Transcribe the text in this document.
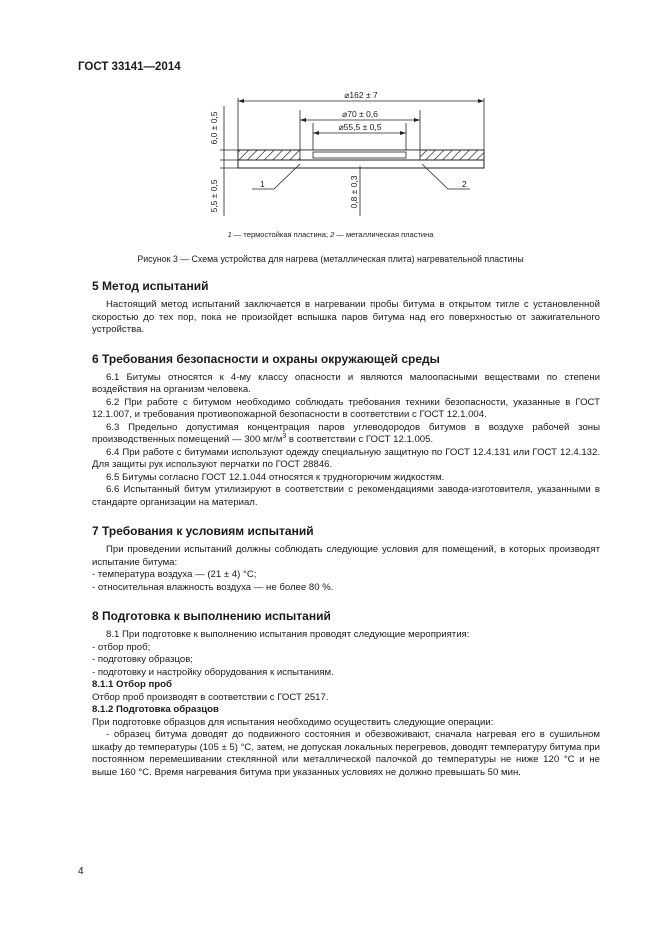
ГОСТ 33141—2014
⌀162 ± 7
⌀70 ± 0,6
⌀55,5 ± 0,5
6,0 ± 0,5
5,5 ± 0,5	0,8 ± 0,3
1	2
1 — термостойкая пластина; 2 — металлическая пластина
Рисунок 3 — Схема устройства для нагрева (металлическая плита) нагревательной пластины
5 Метод испытаний

Настоящий метод испытаний заключается в нагревании пробы битума в открытом тигле с установленной скоростью до тех пор, пока не произойдет вспышка паров битума над его поверхностью от зажигательного устройства.

6 Требования безопасности и охраны окружающей среды

6.1 Битумы относятся к 4-му классу опасности и являются малоопасными веществами по степени воздействия на организм человека.

6.2 При работе с битумом необходимо соблюдать требования техники безопасности, указанные в ГОСТ 12.1.007, и требования противопожарной безопасности в соответствии с ГОСТ 12.1.004.

6.3 Предельно допустимая концентрация паров углеводородов битумов в воздухе рабочей зоны производственных помещений — 300 $мг/м^3$ в соответствии с ГОСТ 12.1.005.

6.4 При работе с битумами используют одежду специальную защитную по ГОСТ 12.4.131 или ГОСТ 12.4.132. Для защиты рук используют перчатки по ГОСТ 28846.

6.5 Битумы согласно ГОСТ 12.1.044 относятся к трудногорючим жидкостям.

6.6 Испытанный битум утилизируют в соответствии с рекомендациями завода-изготовителя, указанными в стандарте организации на материал.

7 Требования к условиям испытаний

При проведении испытаний должны соблюдать следующие условия для помещений, в которых производят испытание битума:

- температура воздуха — (21 ± 4) °С;

- относительная влажность воздуха — не более 80 %.

8 Подготовка к выполнению испытаний

8.1 При подготовке к выполнению испытания проводят следующие мероприятия:

- отбор проб;

- подготовку образцов;

- подготовку и настройку оборудования к испытаниям.

8.1.1 Отбор проб

Отбор проб производят в соответствии с ГОСТ 2517.

8.1.2 Подготовка образцов

При подготовке образцов для испытания необходимо осуществить следующие операции:

- образец битума доводят до подвижного состояния и обезвоживают, сначала нагревая его в сушильном шкафу до температуры (105 ± 5) °С, затем, не допуская локальных перегревов, доводят температуру битума при постоянном перемешивании стеклянной или металлической палочкой до температуры не ниже 120 °С и не выше 160 °С. Время нагревания битума при указанных условиях не должно превышать 50 мин.

4
